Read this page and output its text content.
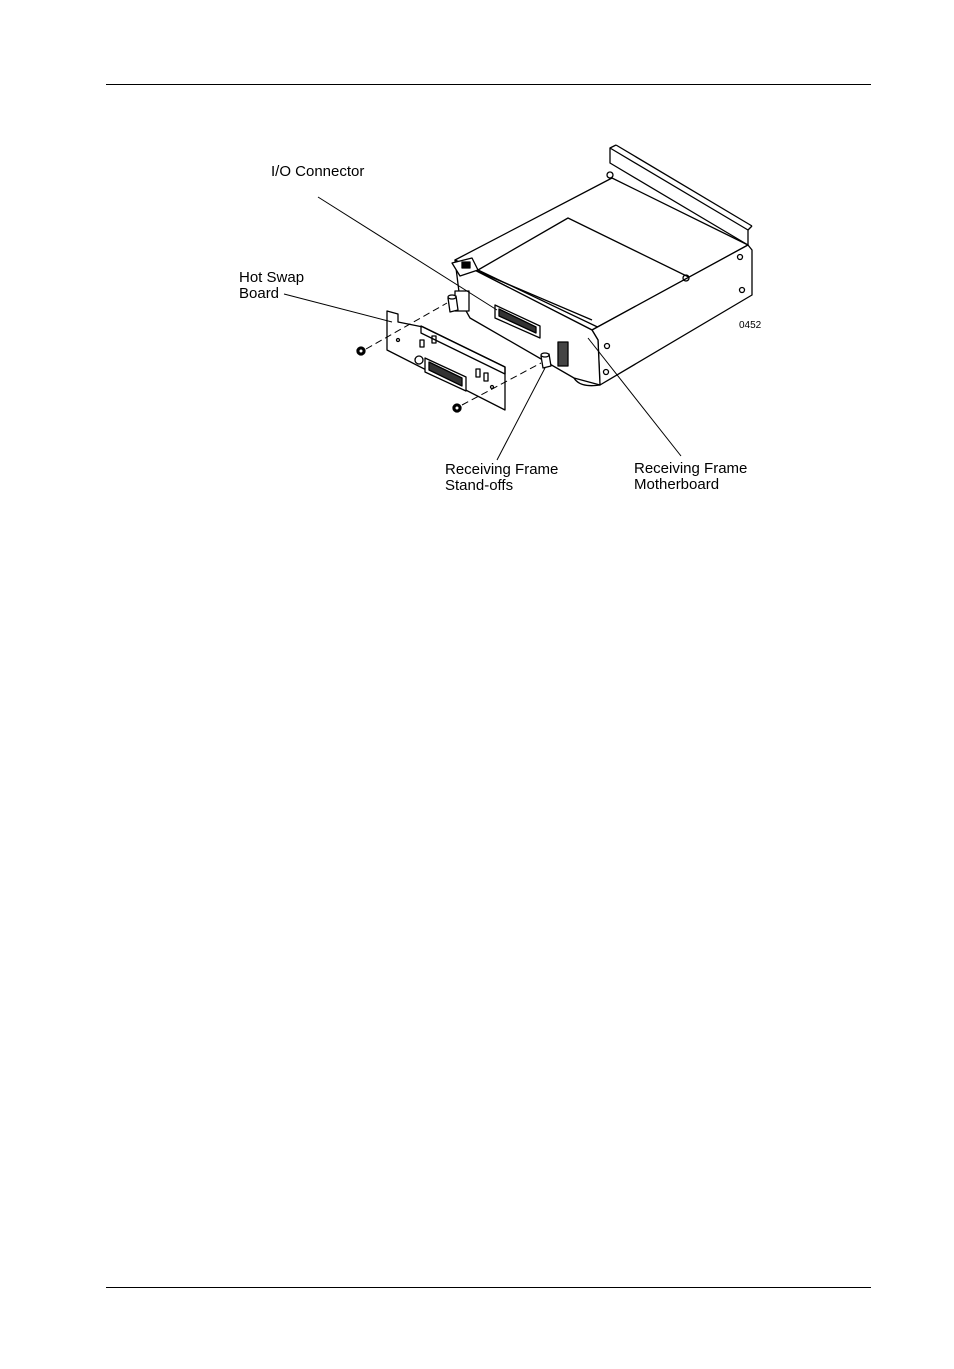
I/O Connector
Hot Swap
Board
Receiving Frame
Stand-offs
Receiving Frame
Motherboard
0452
